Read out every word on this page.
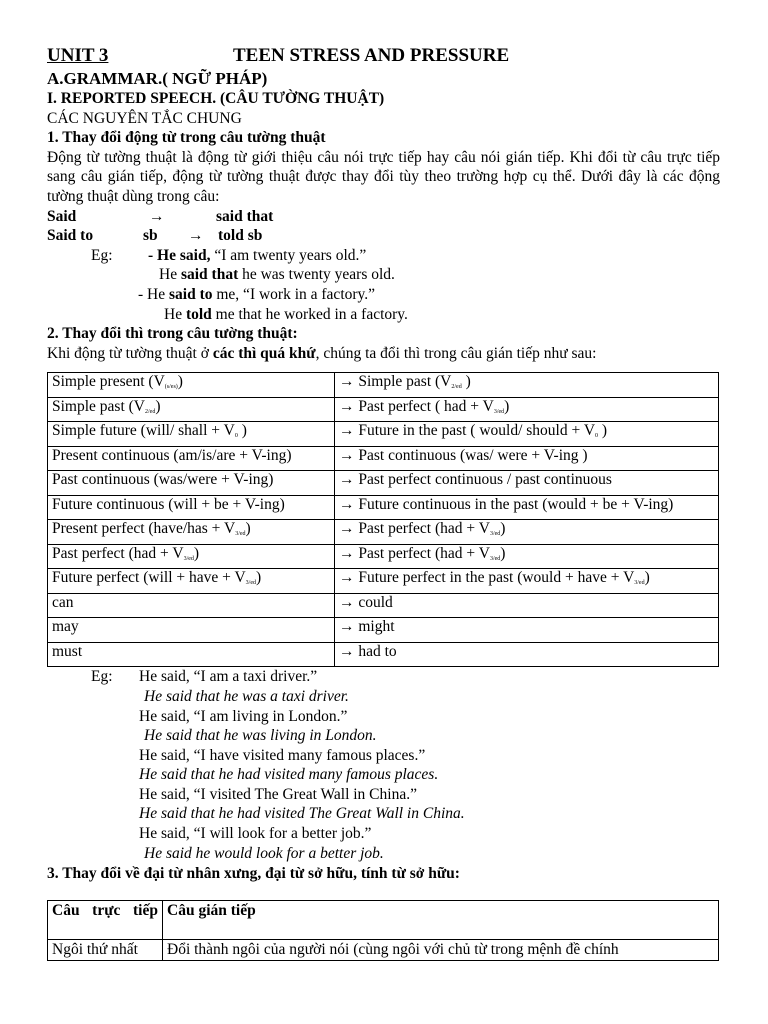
UNIT 3	TEEN STRESS AND PRESSURE
A.GRAMMAR.( NGỮ PHÁP)
I. REPORTED SPEECH. (CÂU TƯỜNG THUẬT)
CÁC NGUYÊN TẮC CHUNG
1. Thay đổi động từ trong câu tường thuật
Động từ tường thuật là động từ giới thiệu câu nói trực tiếp hay câu nói gián tiếp. Khi đổi từ câu trực tiếp sang câu gián tiếp, động từ tường thuật được thay đổi tùy theo trường hợp cụ thể. Dưới đây là các động tường thuật dùng trong câu:
Said	→	said that
Said to	sb → told sb
Eg: - He said, “I am twenty years old.”
He said that he was twenty years old.
- He said to me, “I work in a factory.”
He told me that he worked in a factory.
2. Thay đổi thì trong câu tường thuật:
Khi động từ tường thuật ở các thì quá khứ, chúng ta đổi thì trong câu gián tiếp như sau:
Simple present $(V_{(s/es)})$	→ Simple past ($V_{2/ed}$ )
Simple past $(V_{2/ed})$	→ Past perfect ( had + $V_{3/ed}$)
Simple future (will/ shall + $V_0$ )	→ Future in the past ( would/ should + $V_0$ )
Present continuous (am/is/are + V-ing)	→ Past continuous (was/ were + V-ing )
Past continuous (was/were + V-ing)	→ Past perfect continuous / past continuous
Future continuous (will + be + V-ing)	→ Future continuous in the past (would + be + V-ing)
Present perfect (have/has + $V_{3/ed}$)	→ Past perfect $(had + V_{3/ed})$
Past perfect $(had + V_{3/ed})$	→ Past perfect $(had + V_{3/ed})$
Future perfect (will + have + $V_{3/ed}$)	→ Future perfect in the past (would + have + $V_{3/ed}$)
can	→ could
may	→ might
must	→ had to
Eg: He said, “I am a taxi driver.”
He said that he was a taxi driver.
He said, “I am living in London.”
He said that he was living in London.
He said, “I have visited many famous places.”
He said that he had visited many famous places.
He said, “I visited The Great Wall in China.”
He said that he had visited The Great Wall in China.
He said, “I will look for a better job.”
He said he would look for a better job.
3. Thay đổi về đại từ nhân xưng, đại từ sở hữu, tính từ sở hữu:
Câu trực tiếp	Câu gián tiếp
Ngôi thứ nhất	Đổi thành ngôi của người nói (cùng ngôi với chủ từ trong mệnh đề chính
